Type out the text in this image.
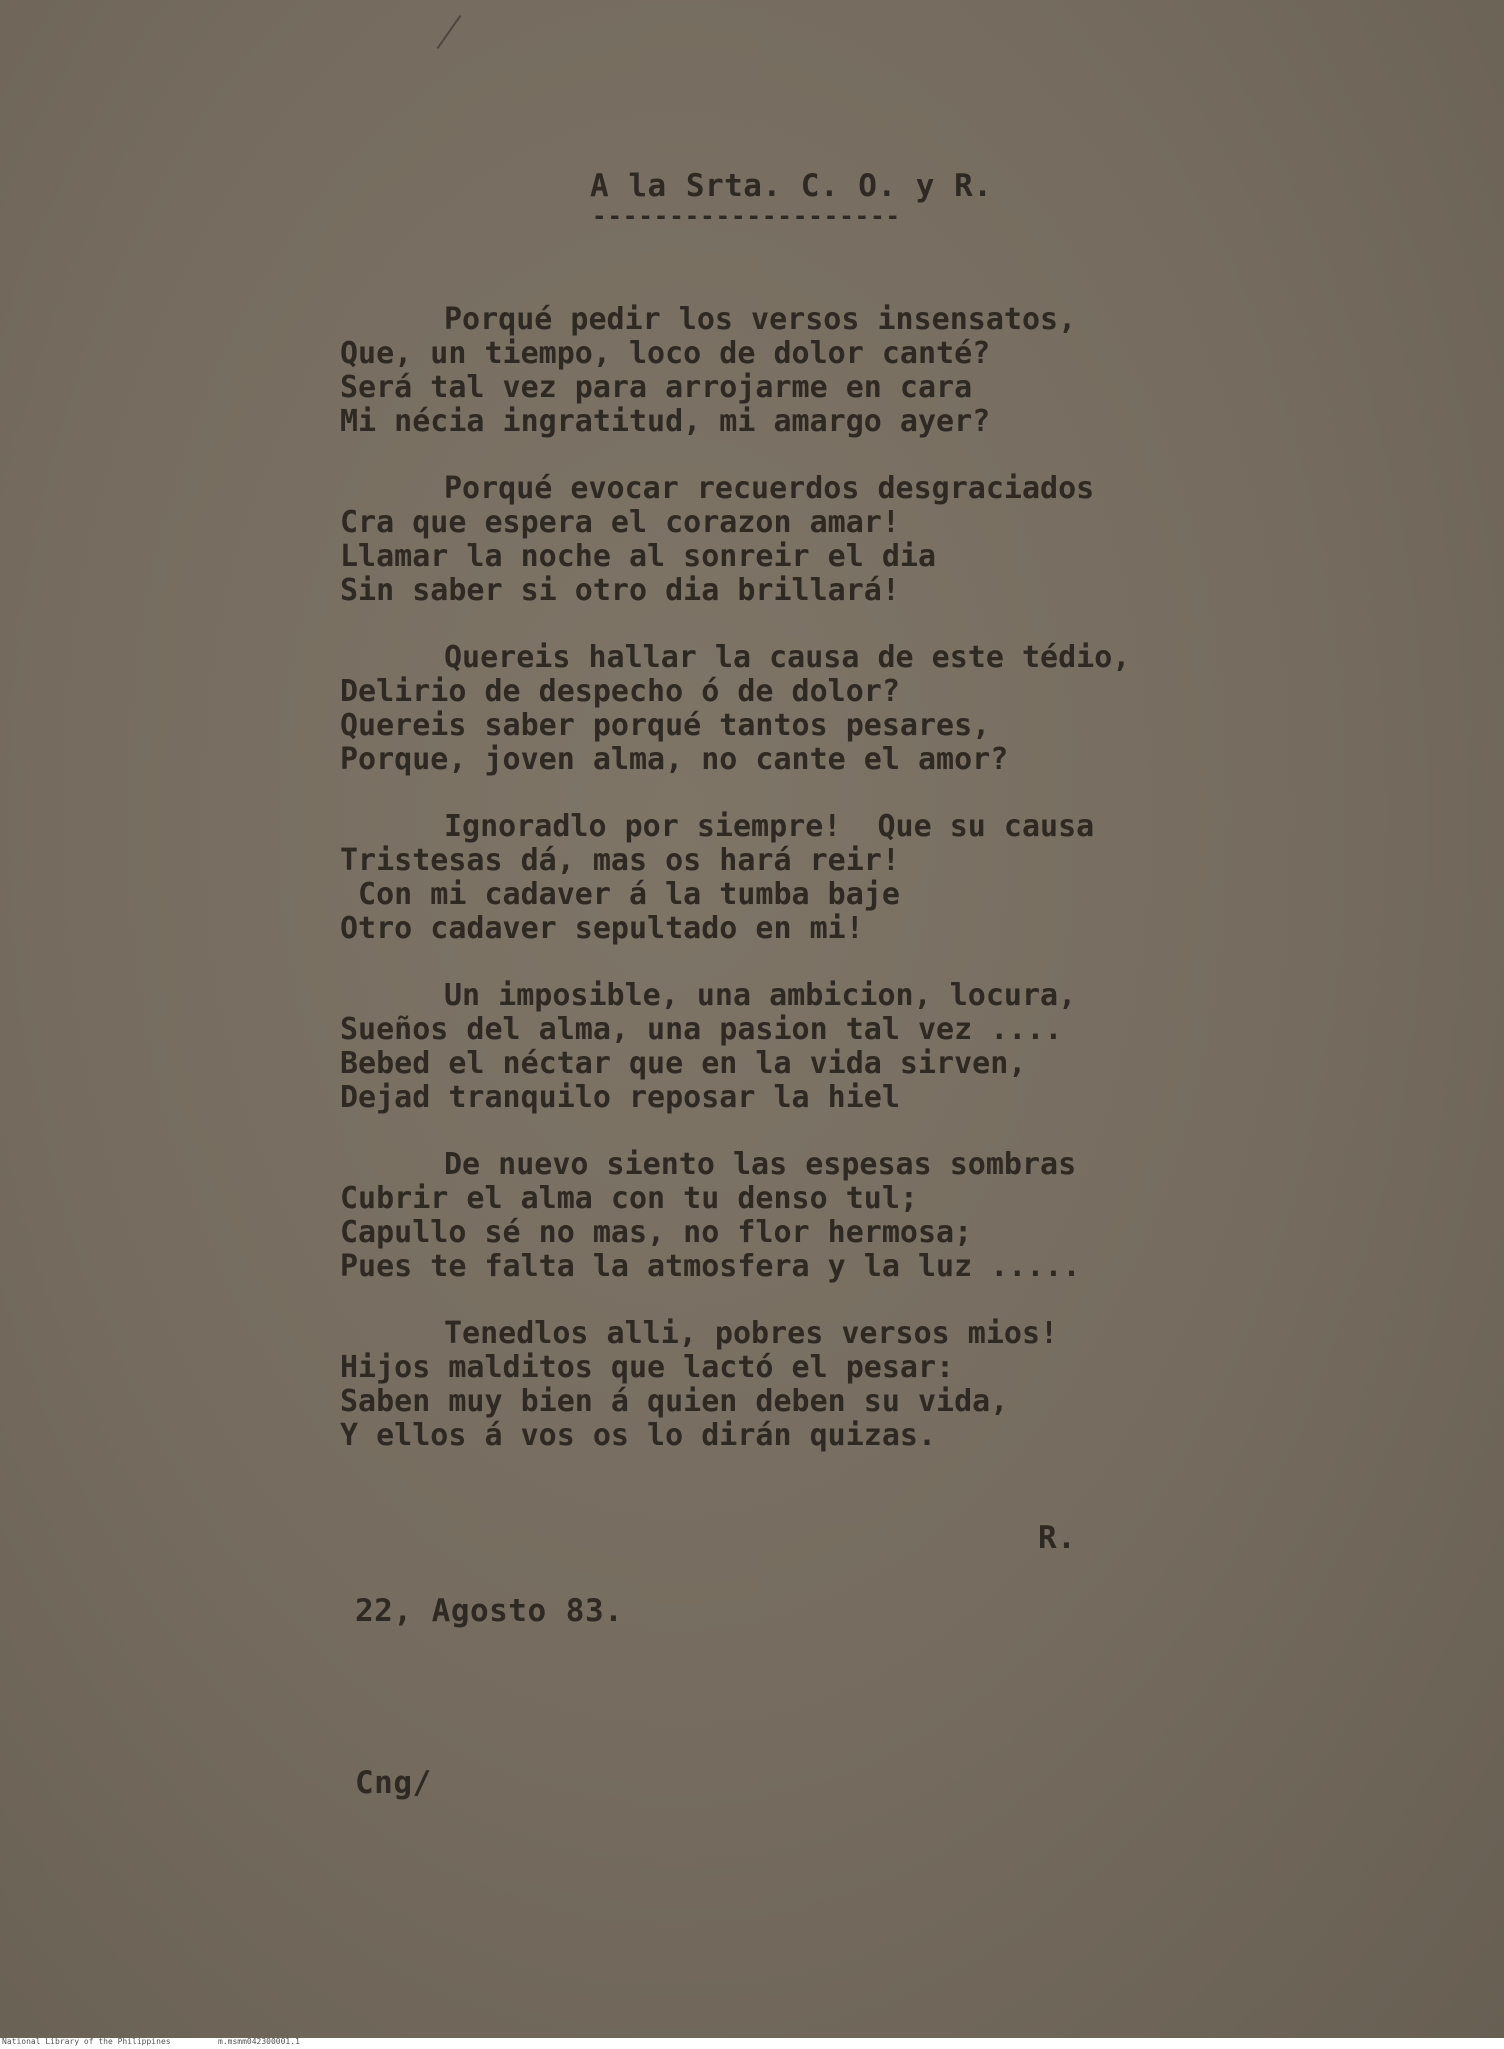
A la Srta. C. O. y R.
--------------------
Porqué pedir los versos insensatos,
Que, un tiempo, loco de dolor canté?
Será tal vez para arrojarme en cara
Mi nécia ingratitud, mi amargo ayer?
Porqué evocar recuerdos desgraciados
Cra que espera el corazon amar!
Llamar la noche al sonreir el dia
Sin saber si otro dia brillará!
Quereis hallar la causa de este tédio,
Delirio de despecho ó de dolor?
Quereis saber porqué tantos pesares,
Porque, joven alma, no cante el amor?
Ignoradlo por siempre!  Que su causa
Tristesas dá, mas os hará reir!
Con mi cadaver á la tumba baje
Otro cadaver sepultado en mi!
Un imposible, una ambicion, locura,
Sueños del alma, una pasion tal vez ....
Bebed el néctar que en la vida sirven,
Dejad tranquilo reposar la hiel
De nuevo siento las espesas sombras
Cubrir el alma con tu denso tul;
Capullo sé no mas, no flor hermosa;
Pues te falta la atmosfera y la luz .....
Tenedlos alli, pobres versos mios!
Hijos malditos que lactó el pesar:
Saben muy bien á quien deben su vida,
Y ellos á vos os lo dirán quizas.
R.
22, Agosto 83.
Cng/
National Library of the Philippines	m.msmm042300001.1
